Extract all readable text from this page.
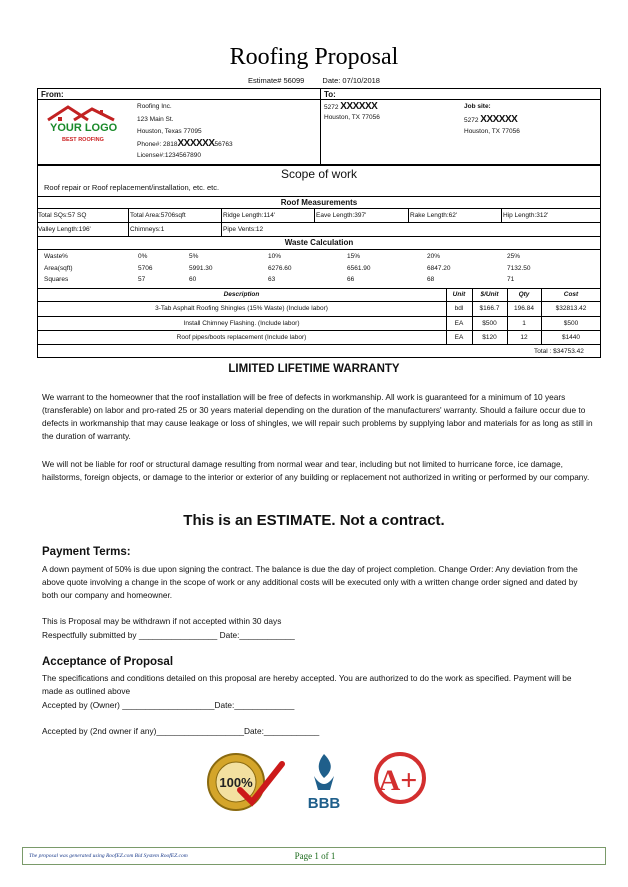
Roofing Proposal
Estimate# 56099 Date: 07/10/2018
From:	To:
YOUR LOGO
BEST ROOFING
Roofing Inc.
123 Main St.
Houston, Texas 77095
Phone#: 2818XXXXXX56763
License#:1234567890
5272 XXXXXX
Houston, TX 77056
Job site:
5272 XXXXXX
Houston, TX 77056
Scope of work
Roof repair or Roof replacement/installation, etc. etc.
Roof Measurements
Total SQs:57 SQ	Total Area:5706sqft	Ridge Length:114'	Eave Length:397'	Rake Length:62'	Hip Length:312'
Valley Length:196'	Chimneys:1	Pipe Vents:12
Waste Calculation
Waste%	0%	5%	10%	15%	20%	25%
Area(sqft)	5706	5991.30	6276.60	6561.90	6847.20	7132.50
Squares	57	60	63	66	68	71
Description	Unit	$/Unit	Qty	Cost
3-Tab Asphalt Roofing Shingles (15% Waste) (Include labor)	bdl	$166.7	196.84	$32813.42
Install Chimney Flashing. (Include labor)	EA	$500	1	$500
Roof pipes/boots replacement (Include labor)	EA	$120	12	$1440
Total : $34753.42
LIMITED LIFETIME WARRANTY
We warrant to the homeowner that the roof installation will be free of defects in workmanship. All work is guaranteed for a minimum of 10 years (transferable) on labor and pro-rated 25 or 30 years material depending on the duration of the manufacturers' warranty. Should a failure occur due to defects in workmanship that may cause leakage or loss of shingles, we will repair such problems by supplying labor and materials for as long as still in the duration of warranty.
We will not be liable for roof or structural damage resulting from normal wear and tear, including but not limited to hurricane force, ice damage, hailstorms, foreign objects, or damage to the interior or exterior of any building or replacement not authorized in writing or performed by our company.
This is an ESTIMATE. Not a contract.
Payment Terms:
A down payment of 50% is due upon signing the contract. The balance is due the day of project completion. Change Order: Any deviation from the above quote involving a change in the scope of work or any additional costs will be executed only with a written change order signed and dated by both our company and homeowner.
This is Proposal may be withdrawn if not accepted within 30 days
Respectfully submitted by _________________ Date:____________
Acceptance of Proposal
The specifications and conditions detailed on this proposal are hereby accepted. You are authorized to do the work as specified. Payment will be made as outlined above
Accepted by (Owner) ____________________Date:_____________
Accepted by (2nd owner if any)___________________Date:____________
100%
BBB
A+
The proposal was generated using RoofEZ.com Bid System RoofEZ.com	Page 1 of 1
